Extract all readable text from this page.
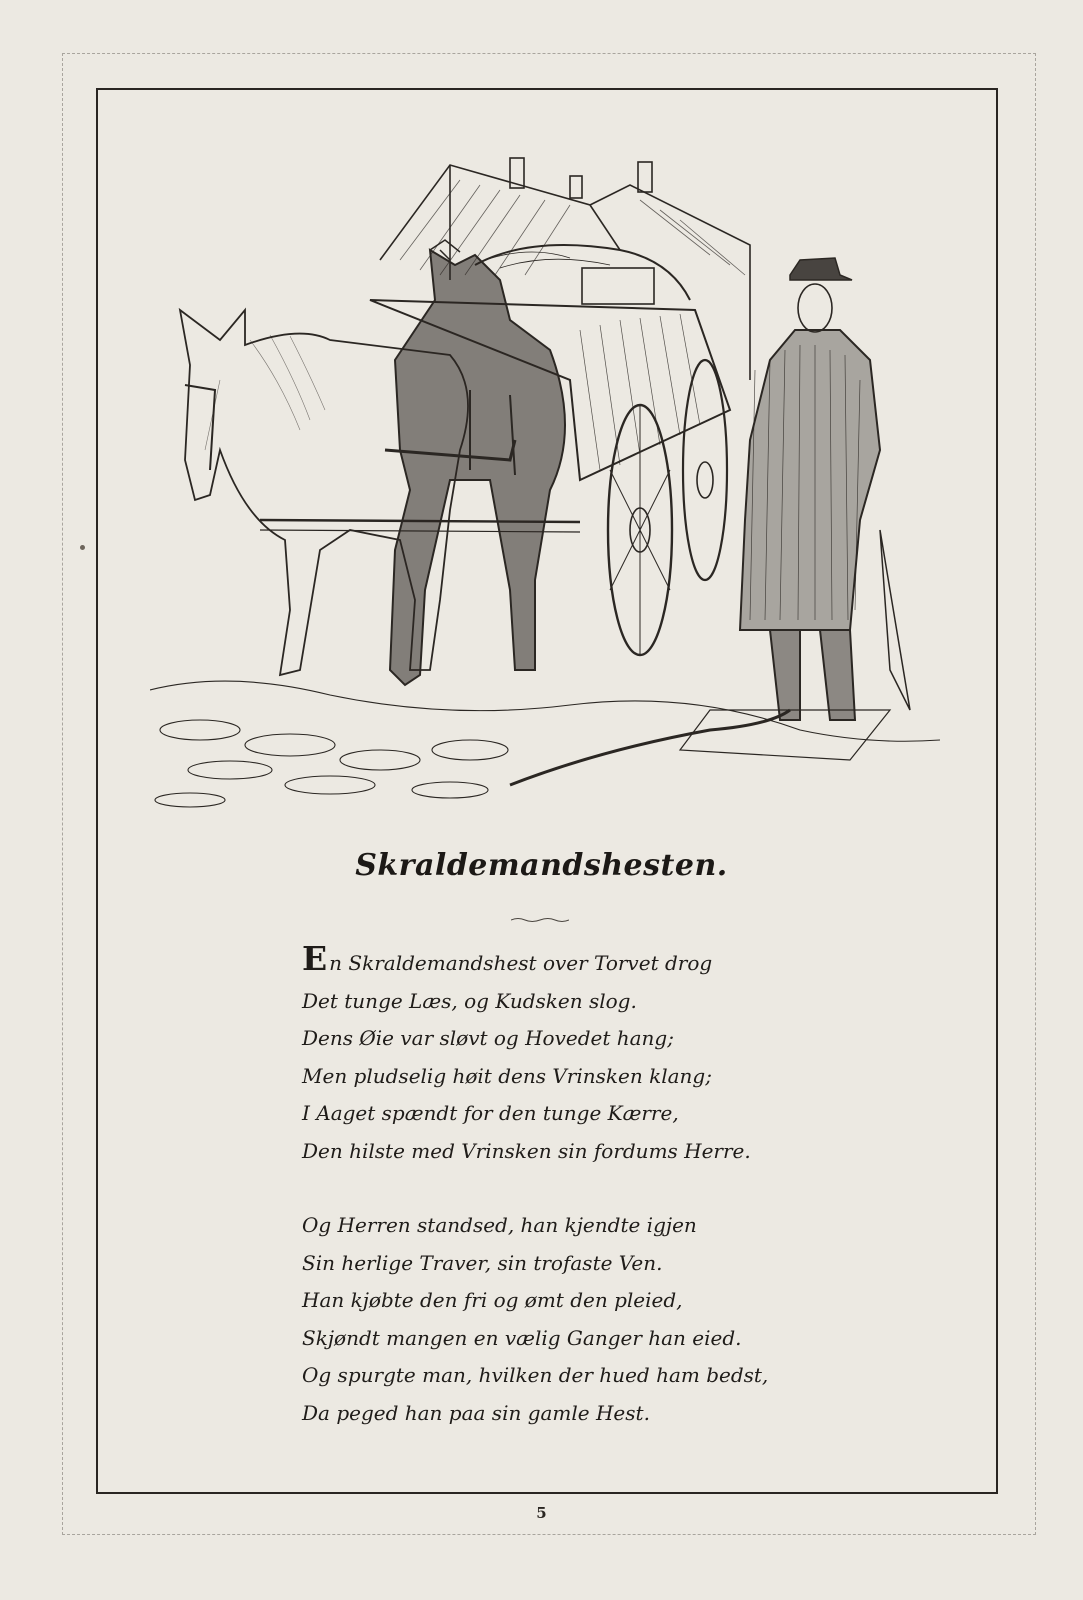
Skraldemandshesten.
En Skraldemandshest over Torvet drog
Det tunge Læs, og Kudsken slog.
Dens Øie var sløvt og Hovedet hang;
Men pludselig høit dens Vrinsken klang;
I Aaget spændt for den tunge Kærre,
Den hilste med Vrinsken sin fordums Herre.
Og Herren standsed, han kjendte igjen
Sin herlige Traver, sin trofaste Ven.
Han kjøbte den fri og ømt den pleied,
Skjøndt mangen en vælig Ganger han eied.
Og spurgte man, hvilken der hued ham bedst,
Da peged han paa sin gamle Hest.
5
